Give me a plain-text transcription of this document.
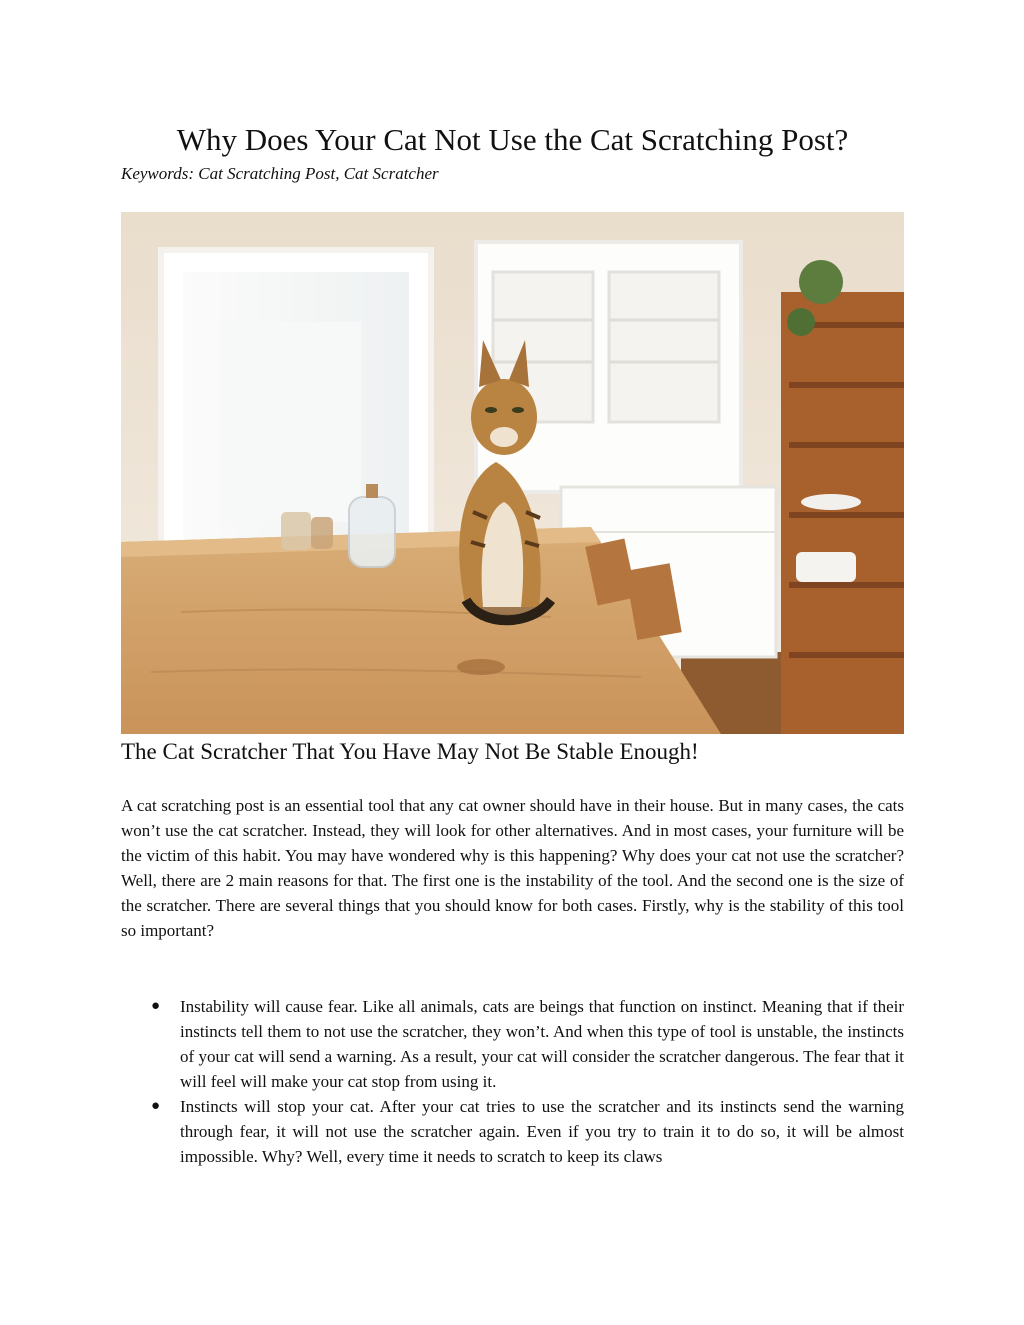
Why Does Your Cat Not Use the Cat Scratching Post?

Keywords: Cat Scratching Post, Cat Scratcher

The Cat Scratcher That You Have May Not Be Stable Enough!

A cat scratching post is an essential tool that any cat owner should have in their house. But in many cases, the cats won’t use the cat scratcher. Instead, they will look for other alternatives. And in most cases, your furniture will be the victim of this habit. You may have wondered why is this happening? Why does your cat not use the scratcher? Well, there are 2 main reasons for that. The first one is the instability of the tool. And the second one is the size of the scratcher. There are several things that you should know for both cases. Firstly, why is the stability of this tool so important?

● Instability will cause fear. Like all animals, cats are beings that function on instinct. Meaning that if their instincts tell them to not use the scratcher, they won’t. And when this type of tool is unstable, the instincts of your cat will send a warning. As a result, your cat will consider the scratcher dangerous. The fear that it will feel will make your cat stop from using it.
● Instincts will stop your cat. After your cat tries to use the scratcher and its instincts send the warning through fear, it will not use the scratcher again. Even if you try to train it to do so, it will be almost impossible. Why? Well, every time it needs to scratch to keep its claws
